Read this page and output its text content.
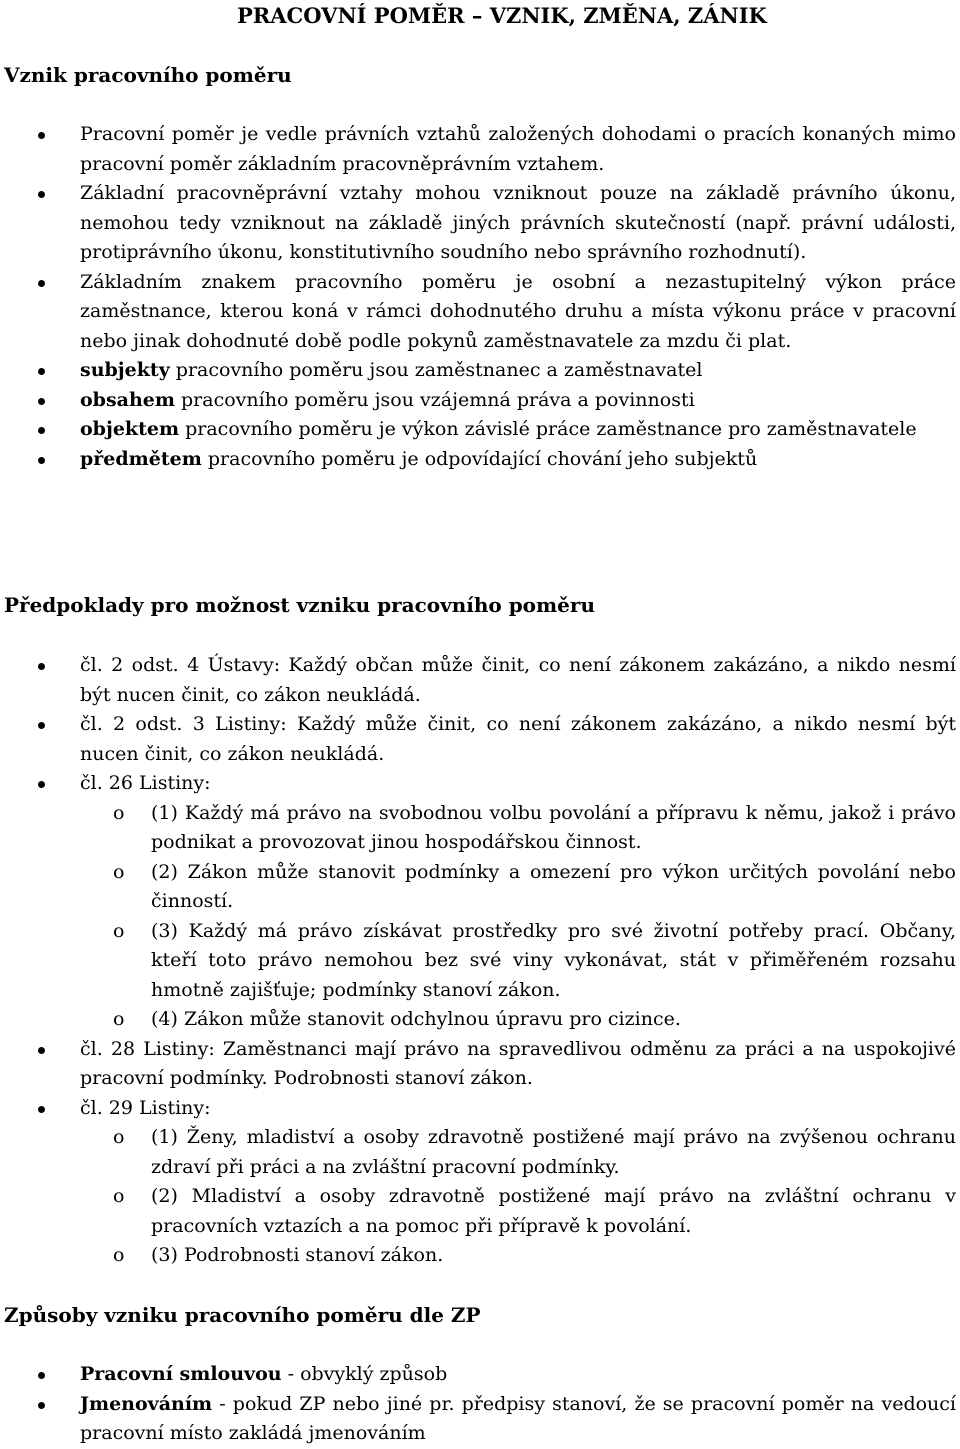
PRACOVNÍ POMĚR – VZNIK, ZMĚNA, ZÁNIK
Vznik pracovního poměru
Pracovní poměr je vedle právních vztahů založených dohodami o pracích konaných mimo pracovní poměr základním pracovněprávním vztahem.
Základní pracovněprávní vztahy mohou vzniknout pouze na základě právního úkonu, nemohou tedy vzniknout na základě jiných právních skutečností (např. právní události, protiprávního úkonu, konstitutivního soudního nebo správního rozhodnutí).
Základním znakem pracovního poměru je osobní a nezastupitelný výkon práce zaměstnance, kterou koná v rámci dohodnutého druhu a místa výkonu práce v pracovní nebo jinak dohodnuté době podle pokynů zaměstnavatele za mzdu či plat.
subjekty pracovního poměru jsou zaměstnanec a zaměstnavatel
obsahem pracovního poměru jsou vzájemná práva a povinnosti
objektem pracovního poměru je výkon závislé práce zaměstnance pro zaměstnavatele
předmětem pracovního poměru je odpovídající chování jeho subjektů
Předpoklady pro možnost vzniku pracovního poměru
čl. 2 odst. 4 Ústavy: Každý občan může činit, co není zákonem zakázáno, a nikdo nesmí být nucen činit, co zákon neukládá.
čl. 2 odst. 3 Listiny: Každý může činit, co není zákonem zakázáno, a nikdo nesmí být nucen činit, co zákon neukládá.
čl. 26 Listiny:
o (1) Každý má právo na svobodnou volbu povolání a přípravu k němu, jakož i právo podnikat a provozovat jinou hospodářskou činnost.
o (2) Zákon může stanovit podmínky a omezení pro výkon určitých povolání nebo činností.
o (3) Každý má právo získávat prostředky pro své životní potřeby prací. Občany, kteří toto právo nemohou bez své viny vykonávat, stát v přiměřeném rozsahu hmotně zajišťuje; podmínky stanoví zákon.
o (4) Zákon může stanovit odchylnou úpravu pro cizince.
čl. 28 Listiny: Zaměstnanci mají právo na spravedlivou odměnu za práci a na uspokojivé pracovní podmínky. Podrobnosti stanoví zákon.
čl. 29 Listiny:
o (1) Ženy, mladiství a osoby zdravotně postižené mají právo na zvýšenou ochranu zdraví při práci a na zvláštní pracovní podmínky.
o (2) Mladiství a osoby zdravotně postižené mají právo na zvláštní ochranu v pracovních vztazích a na pomoc při přípravě k povolání.
o (3) Podrobnosti stanoví zákon.
Způsoby vzniku pracovního poměru dle ZP
Pracovní smlouvou - obvyklý způsob
Jmenováním - pokud ZP nebo jiné pr. předpisy stanoví, že se pracovní poměr na vedoucí pracovní místo zakládá jmenováním
